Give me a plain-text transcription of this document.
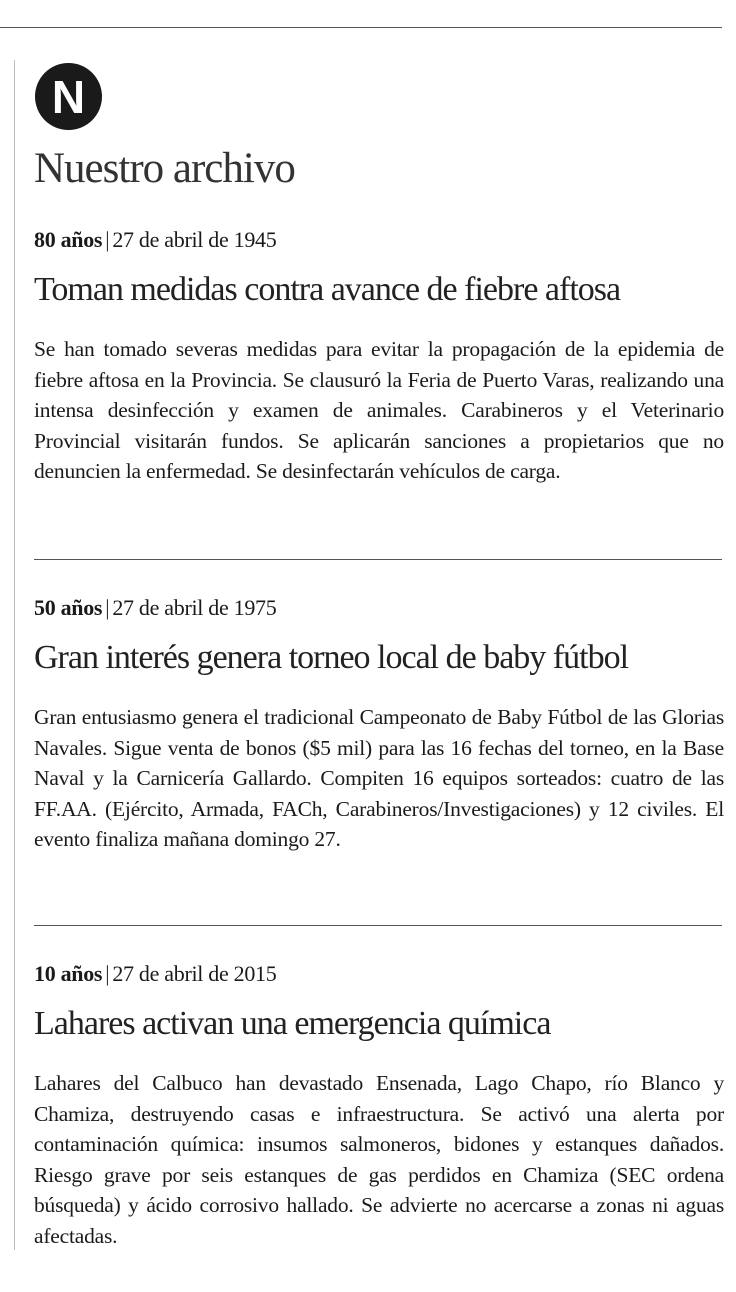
N
Nuestro archivo
80 años | 27 de abril de 1945
Toman medidas contra avance de fiebre aftosa
Se han tomado severas medidas para evitar la propagación de la epidemia de fiebre aftosa en la Provincia. Se clausuró la Feria de Puerto Varas, realizando una intensa desinfección y examen de animales. Carabineros y el Veterinario Provincial visitarán fundos. Se aplicarán sanciones a propietarios que no denuncien la enfermedad. Se desinfectarán vehículos de carga.
50 años | 27 de abril de 1975
Gran interés genera torneo local de baby fútbol
Gran entusiasmo genera el tradicional Campeonato de Baby Fútbol de las Glorias Navales. Sigue venta de bonos ($5 mil) para las 16 fechas del torneo, en la Base Naval y la Carnicería Gallardo. Compiten 16 equipos sorteados: cuatro de las FF.AA. (Ejército, Armada, FACh, Carabineros/Investigaciones) y 12 civiles. El evento finaliza mañana domingo 27.
10 años | 27 de abril de 2015
Lahares activan una emergencia química
Lahares del Calbuco han devastado Ensenada, Lago Chapo, río Blanco y Chamiza, destruyendo casas e infraestructura. Se activó una alerta por contaminación química: insumos salmoneros, bidones y estanques dañados. Riesgo grave por seis estanques de gas perdidos en Chamiza (SEC ordena búsqueda) y ácido corrosivo hallado. Se advierte no acercarse a zonas ni aguas afectadas.
